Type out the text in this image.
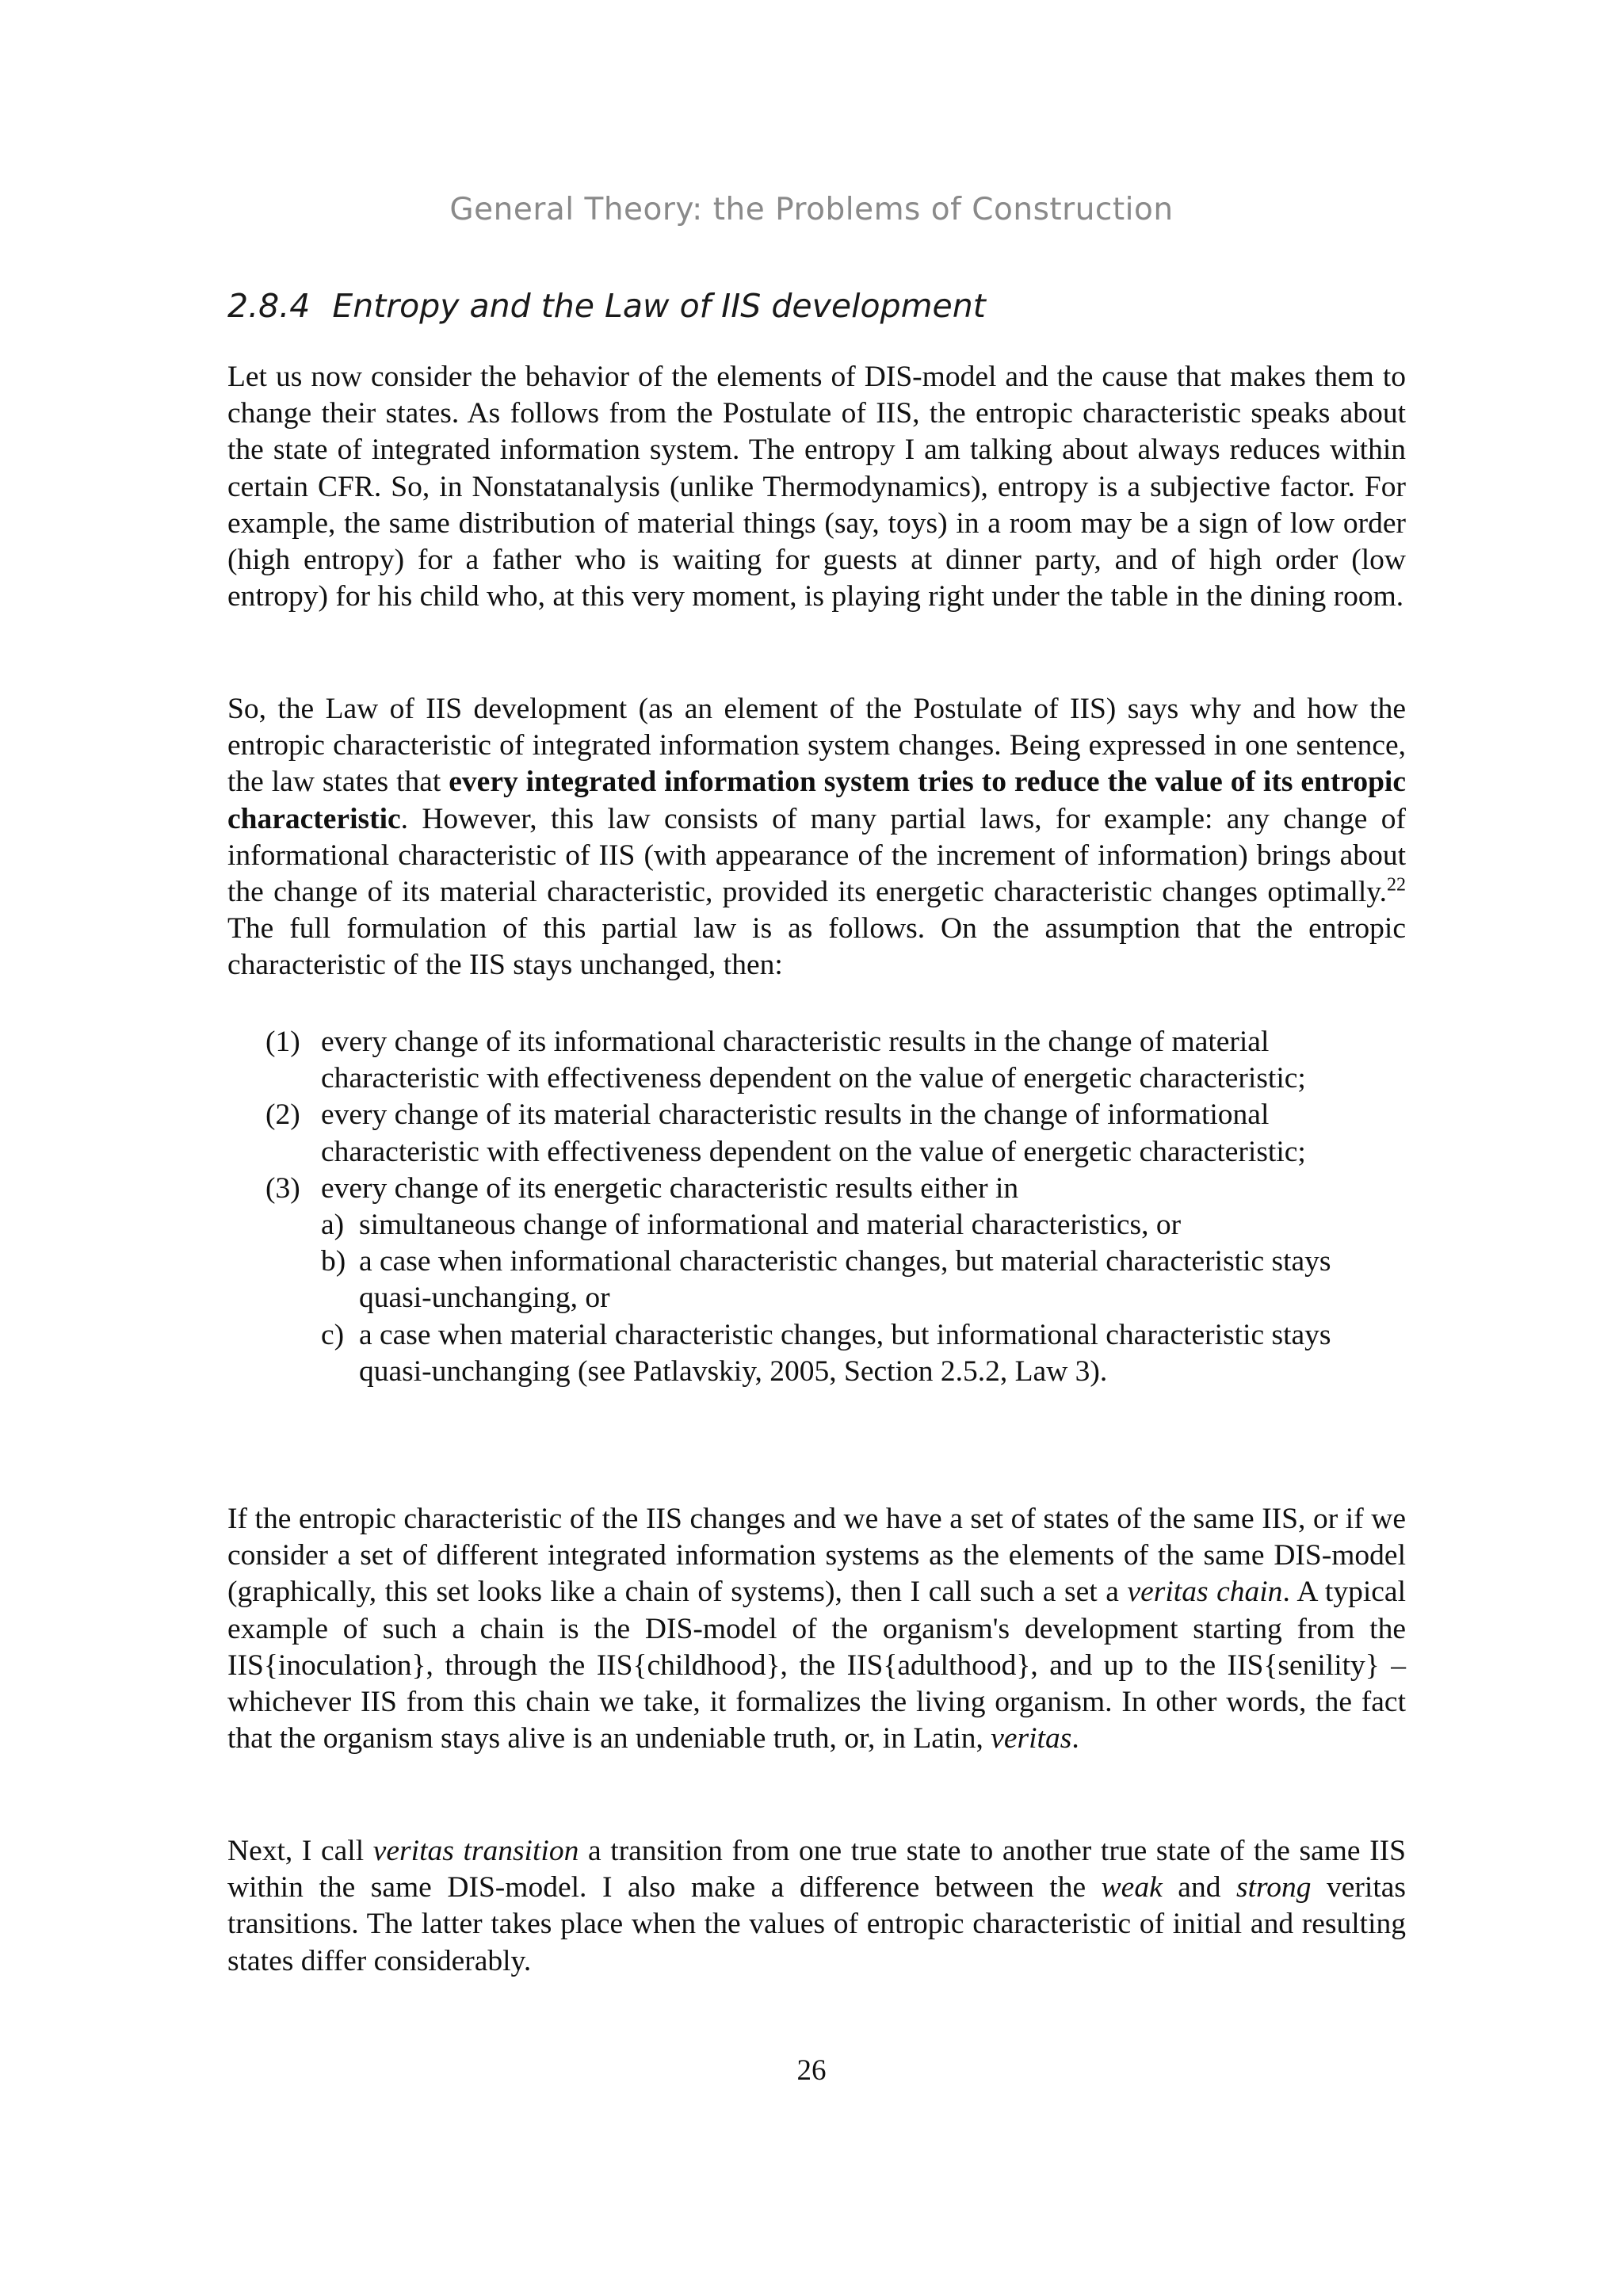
General Theory: the Problems of Construction
2.8.4 Entropy and the Law of IIS development

Let us now consider the behavior of the elements of DIS-model and the cause that makes them to change their states. As follows from the Postulate of IIS, the entropic characteristic speaks about the state of integrated information system. The entropy I am talking about always reduces within certain CFR. So, in Nonstatanalysis (unlike Thermodynamics), entropy is a subjective factor. For example, the same distribution of material things (say, toys) in a room may be a sign of low order (high entropy) for a father who is waiting for guests at dinner party, and of high order (low entropy) for his child who, at this very moment, is playing right under the table in the dining room.

So, the Law of IIS development (as an element of the Postulate of IIS) says why and how the entropic characteristic of integrated information system changes. Being expressed in one sentence, the law states that every integrated information system tries to reduce the value of its entropic characteristic. However, this law consists of many partial laws, for example: any change of informational characteristic of IIS (with appearance of the increment of information) brings about the change of its material characteristic, provided its energetic characteristic changes optimally.$^{22}$ The full formulation of this partial law is as follows. On the assumption that the entropic characteristic of the IIS stays unchanged, then:

(1) every change of its informational characteristic results in the change of material characteristic with effectiveness dependent on the value of energetic characteristic;
(2) every change of its material characteristic results in the change of informational characteristic with effectiveness dependent on the value of energetic characteristic;
(3) every change of its energetic characteristic results either in
a) simultaneous change of informational and material characteristics, or
b) a case when informational characteristic changes, but material characteristic stays quasi-unchanging, or
c) a case when material characteristic changes, but informational characteristic stays quasi-unchanging (see Patlavskiy, 2005, Section 2.5.2, Law 3).

If the entropic characteristic of the IIS changes and we have a set of states of the same IIS, or if we consider a set of different integrated information systems as the elements of the same DIS-model (graphically, this set looks like a chain of systems), then I call such a set a veritas chain. A typical example of such a chain is the DIS-model of the organism's development starting from the IIS{inoculation}, through the IIS{childhood}, the IIS{adulthood}, and up to the IIS{senility} – whichever IIS from this chain we take, it formalizes the living organism. In other words, the fact that the organism stays alive is an undeniable truth, or, in Latin, veritas.

Next, I call veritas transition a transition from one true state to another true state of the same IIS within the same DIS-model. I also make a difference between the weak and strong veritas transitions. The latter takes place when the values of entropic characteristic of initial and resulting states differ considerably.

26
